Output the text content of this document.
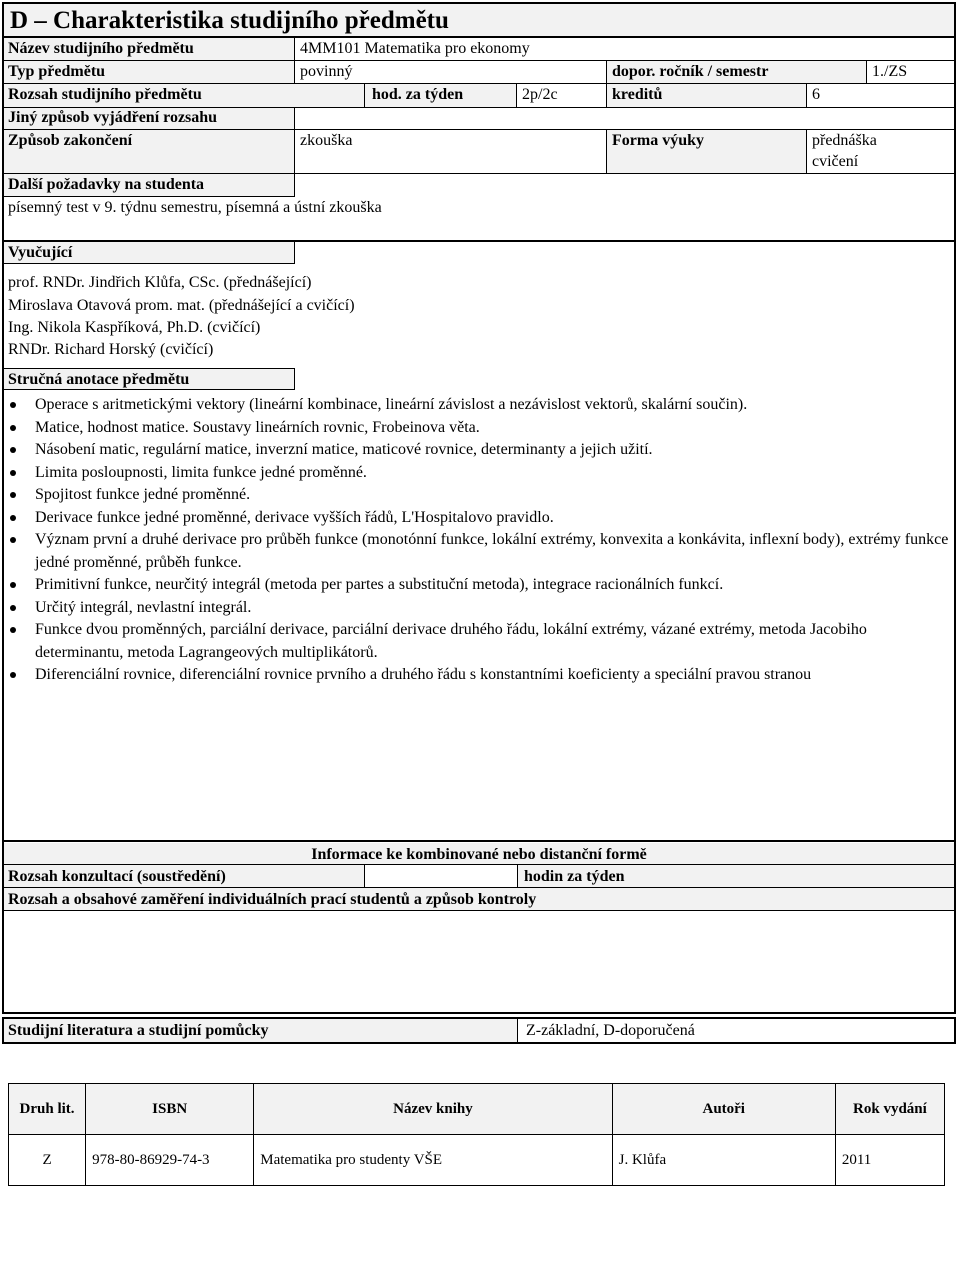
D – Charakteristika studijního předmětu
Název studijního předmětu	4MM101 Matematika pro ekonomy
Typ předmětu	povinný	dopor. ročník / semestr	1./ZS
Rozsah studijního předmětu	hod. za týden	2p/2c	kreditů	6
Jiný způsob vyjádření rozsahu
Způsob zakončení	zkouška	Forma výuky	přednáška
cvičení
Další požadavky na studenta
písemný test v 9. týdnu semestru, písemná a ústní zkouška
Vyučující
prof. RNDr. Jindřich Klůfa, CSc. (přednášející)
Miroslava Otavová prom. mat. (přednášející a cvičící)
Ing. Nikola Kaspříková, Ph.D. (cvičící)
RNDr. Richard Horský (cvičící)
Stručná anotace předmětu
Operace s aritmetickými vektory (lineární kombinace, lineární závislost a nezávislost vektorů, skalární součin).
Matice, hodnost matice. Soustavy lineárních rovnic, Frobeinova věta.
Násobení matic, regulární matice, inverzní matice, maticové rovnice, determinanty a jejich užití.
Limita posloupnosti, limita funkce jedné proměnné.
Spojitost funkce jedné proměnné.
Derivace funkce jedné proměnné, derivace vyšších řádů, L'Hospitalovo pravidlo.
Význam první a druhé derivace pro průběh funkce (monotónní funkce, lokální extrémy, konvexita a konkávita, inflexní body), extrémy funkce jedné proměnné, průběh funkce.
Primitivní funkce, neurčitý integrál (metoda per partes a substituční metoda), integrace racionálních funkcí.
Určitý integrál, nevlastní integrál.
Funkce dvou proměnných, parciální derivace, parciální derivace druhého řádu, lokální extrémy, vázané extrémy, metoda Jacobiho determinantu, metoda Lagrangeových multiplikátorů.
Diferenciální rovnice, diferenciální rovnice prvního a druhého řádu s konstantními koeficienty a speciální pravou stranou
Informace ke kombinované nebo distanční formě
Rozsah konzultací (soustředění)	hodin za týden
Rozsah a obsahové zaměření individuálních prací studentů a způsob kontroly
Studijní literatura a studijní pomůcky	Z-základní, D-doporučená
Druh lit.	ISBN	Název knihy	Autoři	Rok vydání
Z	978-80-86929-74-3	Matematika pro studenty VŠE	J. Klůfa	2011
